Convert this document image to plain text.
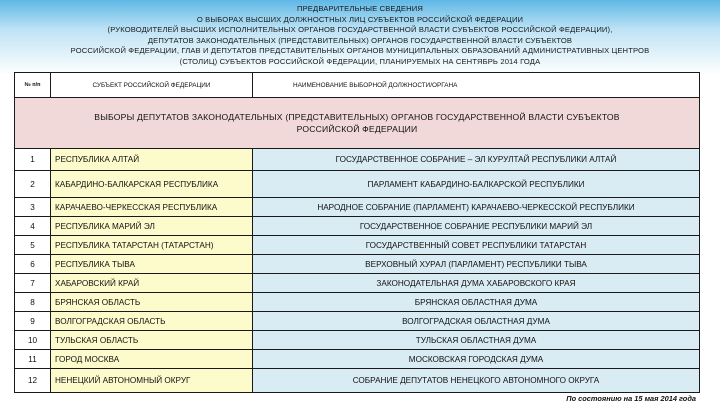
ПРЕДВАРИТЕЛЬНЫЕ СВЕДЕНИЯ
О ВЫБОРАХ ВЫСШИХ ДОЛЖНОСТНЫХ ЛИЦ СУБЪЕКТОВ РОССИЙСКОЙ ФЕДЕРАЦИИ
(РУКОВОДИТЕЛЕЙ ВЫСШИХ ИСПОЛНИТЕЛЬНЫХ ОРГАНОВ ГОСУДАРСТВЕННОЙ ВЛАСТИ СУБЪЕКТОВ РОССИЙСКОЙ ФЕДЕРАЦИИ),
ДЕПУТАТОВ ЗАКОНОДАТЕЛЬНЫХ (ПРЕДСТАВИТЕЛЬНЫХ) ОРГАНОВ ГОСУДАРСТВЕННОЙ ВЛАСТИ СУБЪЕКТОВ
РОССИЙСКОЙ ФЕДЕРАЦИИ, ГЛАВ И ДЕПУТАТОВ ПРЕДСТАВИТЕЛЬНЫХ ОРГАНОВ МУНИЦИПАЛЬНЫХ ОБРАЗОВАНИЙ АДМИНИСТРАТИВНЫХ ЦЕНТРОВ
(СТОЛИЦ) СУБЪЕКТОВ РОССИЙСКОЙ ФЕДЕРАЦИИ, ПЛАНИРУЕМЫХ НА СЕНТЯБРЬ 2014 ГОДА
№ п/п	СУБЪЕКТ РОССИЙСКОЙ ФЕДЕРАЦИИ	НАИМЕНОВАНИЕ ВЫБОРНОЙ ДОЛЖНОСТИ/ОРГАНА
ВЫБОРЫ ДЕПУТАТОВ ЗАКОНОДАТЕЛЬНЫХ (ПРЕДСТАВИТЕЛЬНЫХ) ОРГАНОВ ГОСУДАРСТВЕННОЙ ВЛАСТИ СУБЪЕКТОВ РОССИЙСКОЙ ФЕДЕРАЦИИ		
1	РЕСПУБЛИКА АЛТАЙ	ГОСУДАРСТВЕННОЕ СОБРАНИЕ – ЭЛ КУРУЛТАЙ РЕСПУБЛИКИ АЛТАЙ
2	КАБАРДИНО-БАЛКАРСКАЯ РЕСПУБЛИКА	ПАРЛАМЕНТ КАБАРДИНО-БАЛКАРСКОЙ РЕСПУБЛИКИ
3	КАРАЧАЕВО-ЧЕРКЕССКАЯ РЕСПУБЛИКА	НАРОДНОЕ СОБРАНИЕ (ПАРЛАМЕНТ) КАРАЧАЕВО-ЧЕРКЕССКОЙ РЕСПУБЛИКИ
4	РЕСПУБЛИКА МАРИЙ ЭЛ	ГОСУДАРСТВЕННОЕ СОБРАНИЕ РЕСПУБЛИКИ МАРИЙ ЭЛ
5	РЕСПУБЛИКА ТАТАРСТАН (ТАТАРСТАН)	ГОСУДАРСТВЕННЫЙ СОВЕТ РЕСПУБЛИКИ ТАТАРСТАН
6	РЕСПУБЛИКА ТЫВА	ВЕРХОВНЫЙ ХУРАЛ (ПАРЛАМЕНТ) РЕСПУБЛИКИ ТЫВА
7	ХАБАРОВСКИЙ КРАЙ	ЗАКОНОДАТЕЛЬНАЯ ДУМА ХАБАРОВСКОГО КРАЯ
8	БРЯНСКАЯ ОБЛАСТЬ	БРЯНСКАЯ ОБЛАСТНАЯ ДУМА
9	ВОЛГОГРАДСКАЯ ОБЛАСТЬ	ВОЛГОГРАДСКАЯ ОБЛАСТНАЯ ДУМА
10	ТУЛЬСКАЯ ОБЛАСТЬ	ТУЛЬСКАЯ ОБЛАСТНАЯ ДУМА
11	ГОРОД МОСКВА	МОСКОВСКАЯ ГОРОДСКАЯ ДУМА
12	НЕНЕЦКИЙ АВТОНОМНЫЙ ОКРУГ	СОБРАНИЕ ДЕПУТАТОВ НЕНЕЦКОГО АВТОНОМНОГО ОКРУГА
По состоянию на 15 мая 2014 года
